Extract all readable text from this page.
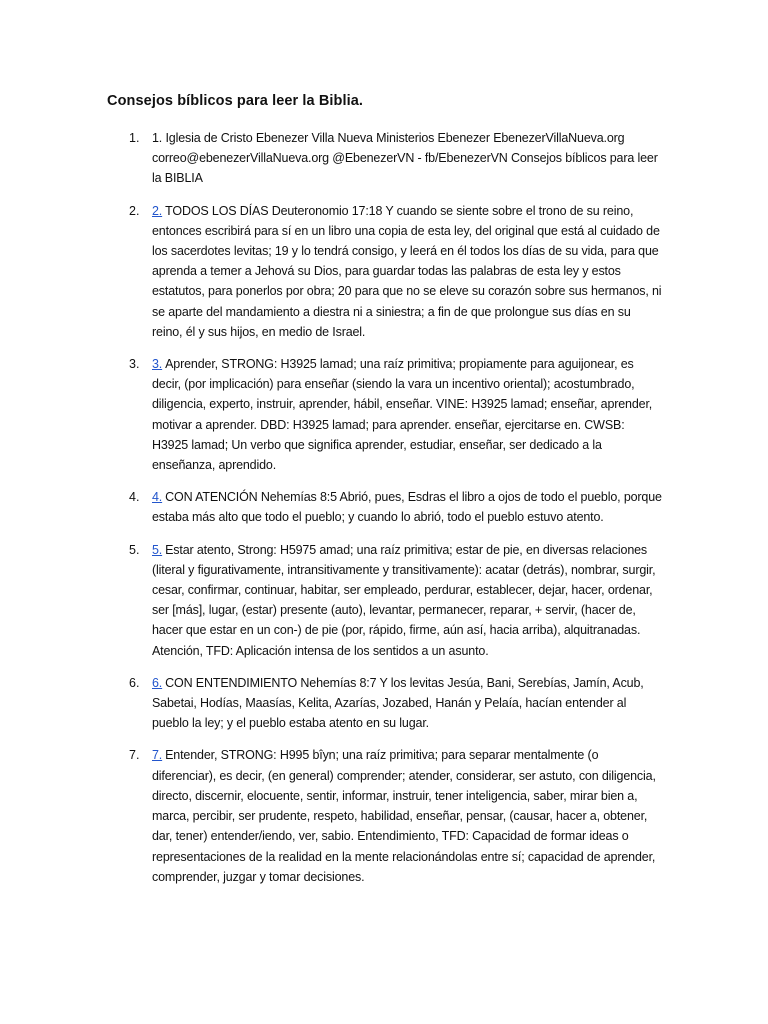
Consejos bíblicos para leer la Biblia.
1.	1. Iglesia de Cristo Ebenezer Villa Nueva Ministerios Ebenezer EbenezerVillaNueva.org correo@ebenezerVillaNueva.org @EbenezerVN - fb/EbenezerVN Consejos bíblicos para leer la BIBLIA
2.	2. TODOS LOS DÍAS Deuteronomio 17:18 Y cuando se siente sobre el trono de su reino, entonces escribirá para sí en un libro una copia de esta ley, del original que está al cuidado de los sacerdotes levitas; 19 y lo tendrá consigo, y leerá en él todos los días de su vida, para que aprenda a temer a Jehová su Dios, para guardar todas las palabras de esta ley y estos estatutos, para ponerlos por obra; 20 para que no se eleve su corazón sobre sus hermanos, ni se aparte del mandamiento a diestra ni a siniestra; a fin de que prolongue sus días en su reino, él y sus hijos, en medio de Israel.
3.	3. Aprender, STRONG: H3925 lamad; una raíz primitiva; propiamente para aguijonear, es decir, (por implicación) para enseñar (siendo la vara un incentivo oriental); acostumbrado, diligencia, experto, instruir, aprender, hábil, enseñar. VINE: H3925 lamad; enseñar, aprender, motivar a aprender. DBD: H3925 lamad; para aprender. enseñar, ejercitarse en. CWSB: H3925 lamad; Un verbo que significa aprender, estudiar, enseñar, ser dedicado a la enseñanza, aprendido.
4.	4. CON ATENCIÓN Nehemías 8:5 Abrió, pues, Esdras el libro a ojos de todo el pueblo, porque estaba más alto que todo el pueblo; y cuando lo abrió, todo el pueblo estuvo atento.
5.	5. Estar atento, Strong: H5975 amad; una raíz primitiva; estar de pie, en diversas relaciones (literal y figurativamente, intransitivamente y transitivamente): acatar (detrás), nombrar, surgir, cesar, confirmar, continuar, habitar, ser empleado, perdurar, establecer, dejar, hacer, ordenar, ser [más], lugar, (estar) presente (auto), levantar, permanecer, reparar, + servir, (hacer de, hacer que estar en un con-) de pie (por, rápido, firme, aún así, hacia arriba), alquitranadas. Atención, TFD: Aplicación intensa de los sentidos a un asunto.
6.	6. CON ENTENDIMIENTO Nehemías 8:7 Y los levitas Jesúa, Bani, Serebías, Jamín, Acub, Sabetai, Hodías, Maasías, Kelita, Azarías, Jozabed, Hanán y Pelaía, hacían entender al pueblo la ley; y el pueblo estaba atento en su lugar.
7.	7. Entender, STRONG: H995 bîyn; una raíz primitiva; para separar mentalmente (o diferenciar), es decir, (en general) comprender; atender, considerar, ser astuto, con diligencia, directo, discernir, elocuente, sentir, informar, instruir, tener inteligencia, saber, mirar bien a, marca, percibir, ser prudente, respeto, habilidad, enseñar, pensar, (causar, hacer a, obtener, dar, tener) entender/iendo, ver, sabio. Entendimiento, TFD: Capacidad de formar ideas o representaciones de la realidad en la mente relacionándolas entre sí; capacidad de aprender, comprender, juzgar y tomar decisiones.
